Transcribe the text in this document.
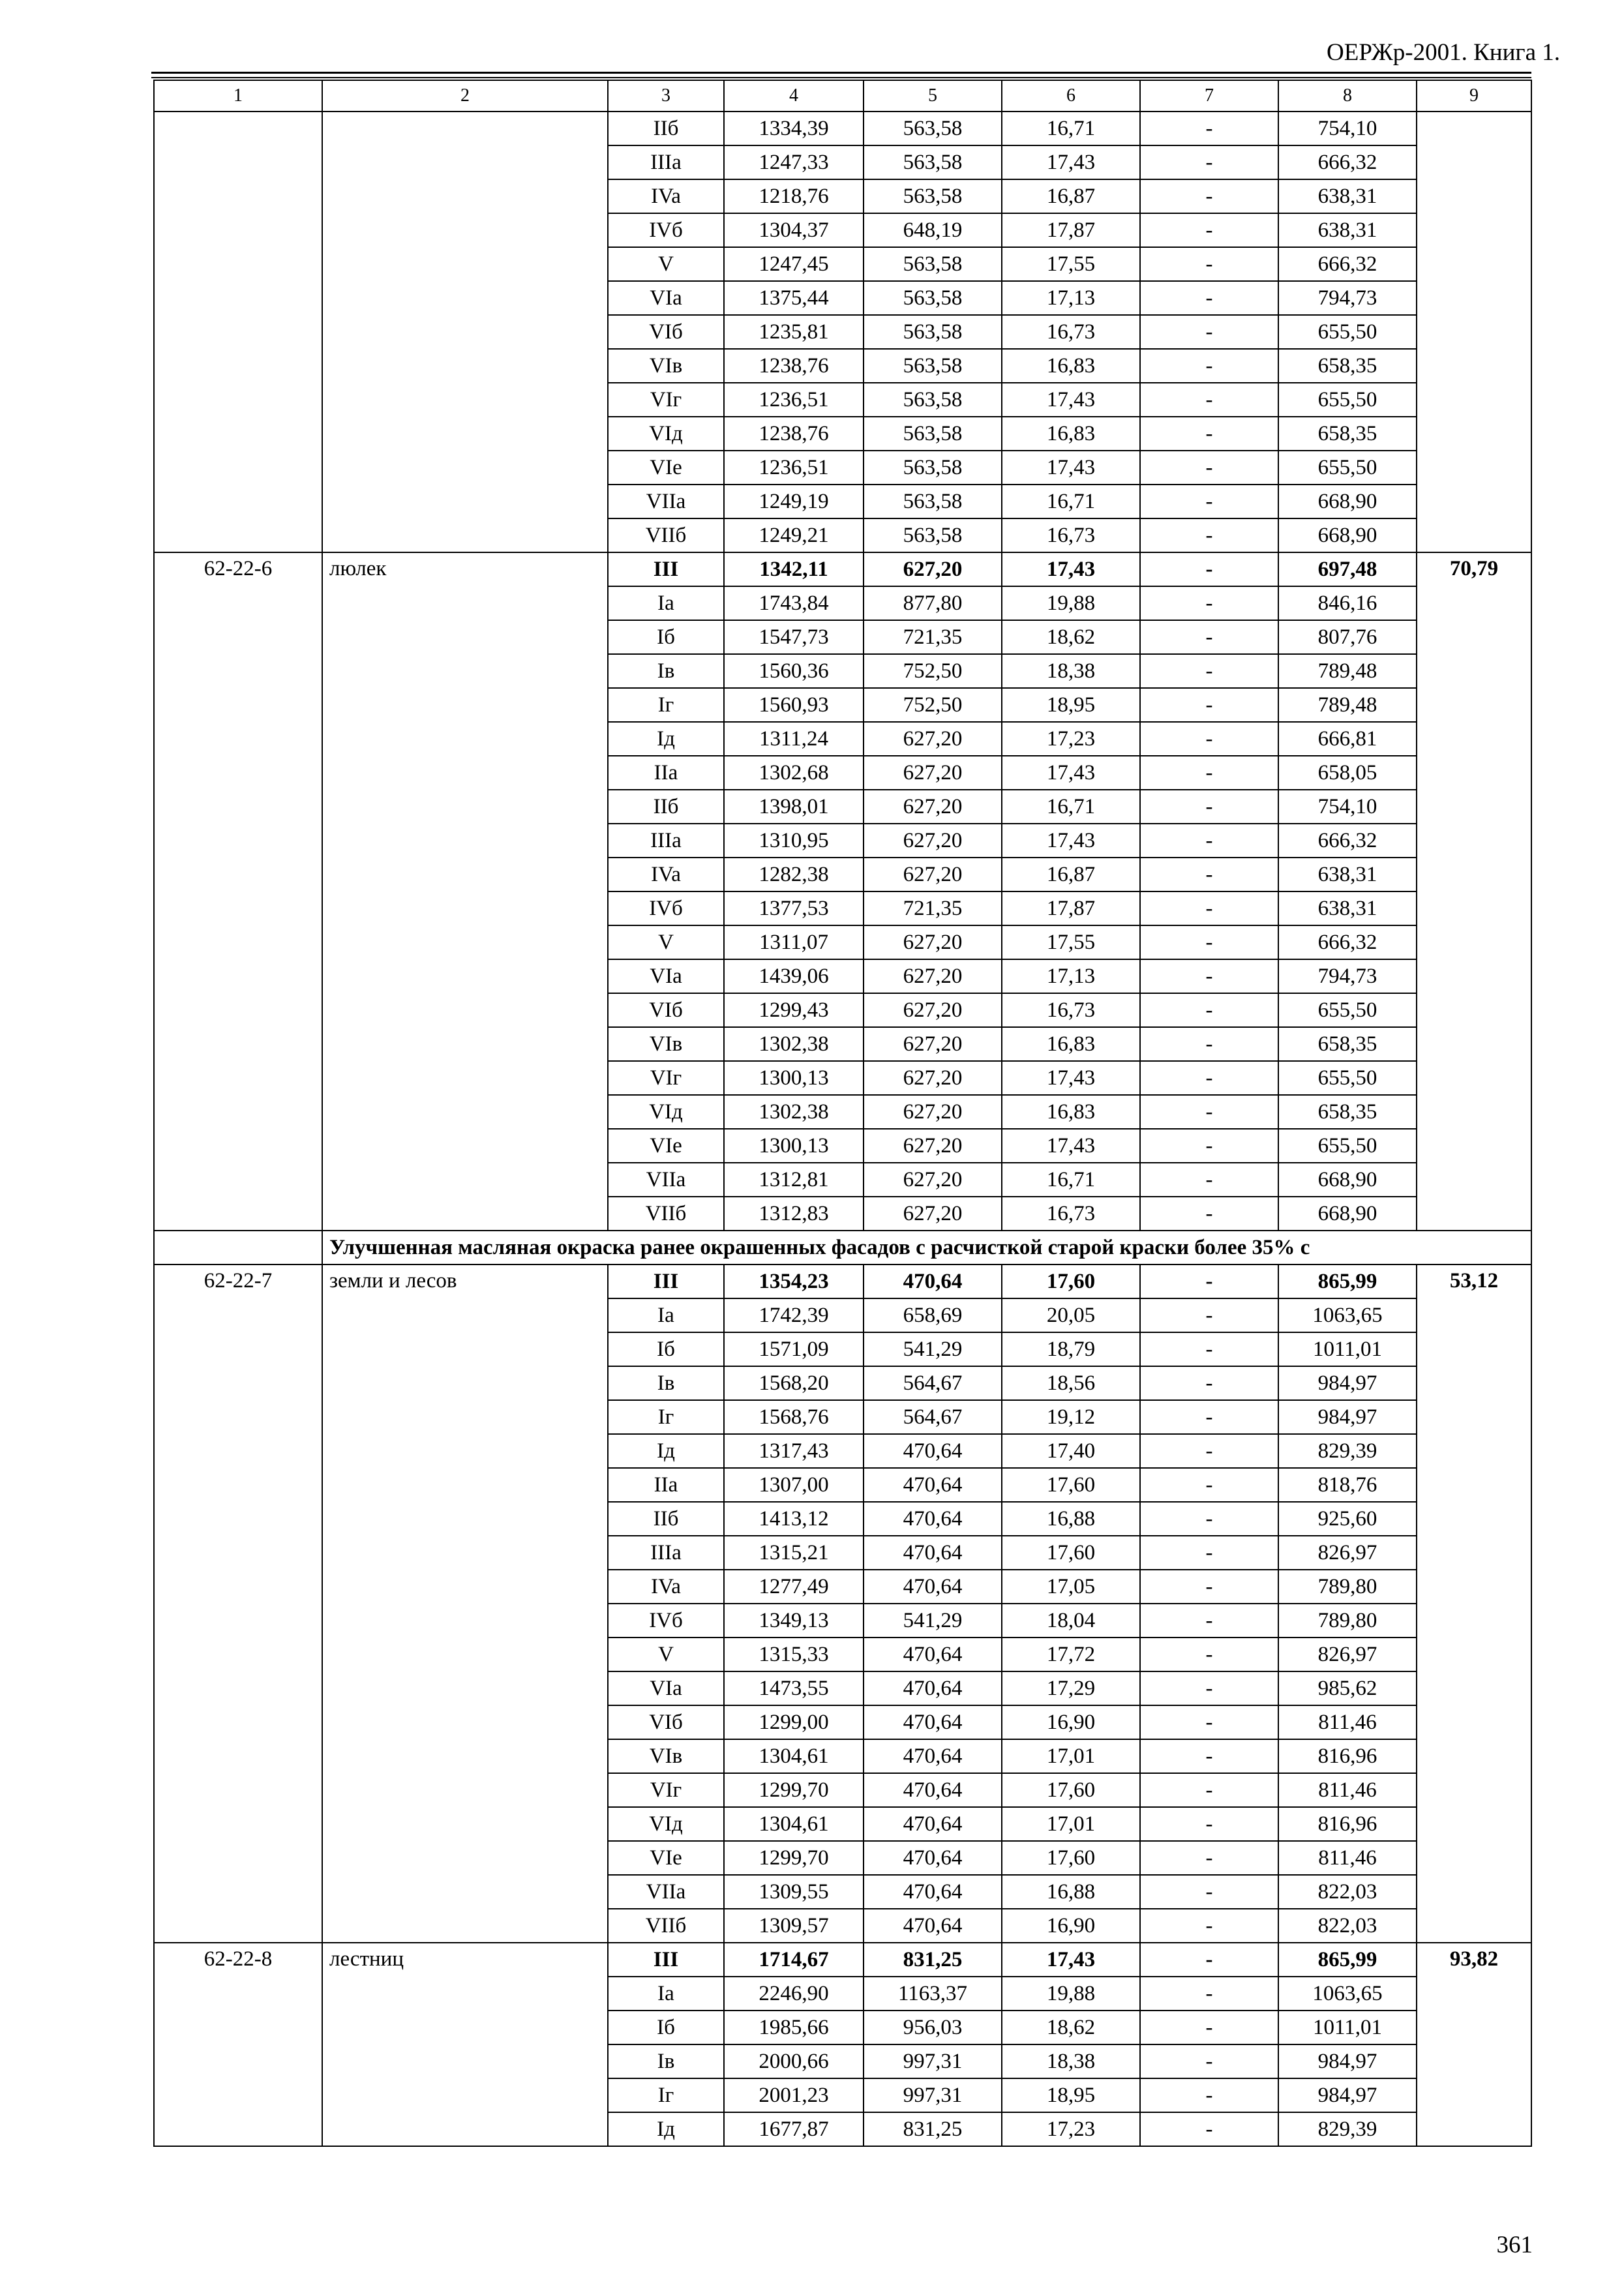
ОЕРЖр-2001. Книга 1.
1	2	3	4	5	6	7	8	9
		IIб	1334,39	563,58	16,71	-	754,10	
		IIIa	1247,33	563,58	17,43	-	666,32	
		IVa	1218,76	563,58	16,87	-	638,31	
		IVб	1304,37	648,19	17,87	-	638,31	
		V	1247,45	563,58	17,55	-	666,32	
		VIa	1375,44	563,58	17,13	-	794,73	
		VIб	1235,81	563,58	16,73	-	655,50	
		VIв	1238,76	563,58	16,83	-	658,35	
		VIг	1236,51	563,58	17,43	-	655,50	
		VIд	1238,76	563,58	16,83	-	658,35	
		VIe	1236,51	563,58	17,43	-	655,50	
		VIIa	1249,19	563,58	16,71	-	668,90	
		VIIб	1249,21	563,58	16,73	-	668,90	
62-22-6	люлек	III	1342,11	627,20	17,43	-	697,48	70,79
		Ia	1743,84	877,80	19,88	-	846,16	
		Iб	1547,73	721,35	18,62	-	807,76	
		Iв	1560,36	752,50	18,38	-	789,48	
		Iг	1560,93	752,50	18,95	-	789,48	
		Iд	1311,24	627,20	17,23	-	666,81	
		IIa	1302,68	627,20	17,43	-	658,05	
		IIб	1398,01	627,20	16,71	-	754,10	
		IIIa	1310,95	627,20	17,43	-	666,32	
		IVa	1282,38	627,20	16,87	-	638,31	
		IVб	1377,53	721,35	17,87	-	638,31	
		V	1311,07	627,20	17,55	-	666,32	
		VIa	1439,06	627,20	17,13	-	794,73	
		VIб	1299,43	627,20	16,73	-	655,50	
		VIв	1302,38	627,20	16,83	-	658,35	
		VIг	1300,13	627,20	17,43	-	655,50	
		VIд	1302,38	627,20	16,83	-	658,35	
		VIe	1300,13	627,20	17,43	-	655,50	
		VIIa	1312,81	627,20	16,71	-	668,90	
		VIIб	1312,83	627,20	16,73	-	668,90	
	Улучшенная масляная окраска ранее окрашенных фасадов с расчисткой старой краски более 35% с							
62-22-7	земли и лесов	III	1354,23	470,64	17,60	-	865,99	53,12
		Ia	1742,39	658,69	20,05	-	1063,65	
		Iб	1571,09	541,29	18,79	-	1011,01	
		Iв	1568,20	564,67	18,56	-	984,97	
		Iг	1568,76	564,67	19,12	-	984,97	
		Iд	1317,43	470,64	17,40	-	829,39	
		IIa	1307,00	470,64	17,60	-	818,76	
		IIб	1413,12	470,64	16,88	-	925,60	
		IIIa	1315,21	470,64	17,60	-	826,97	
		IVa	1277,49	470,64	17,05	-	789,80	
		IVб	1349,13	541,29	18,04	-	789,80	
		V	1315,33	470,64	17,72	-	826,97	
		VIa	1473,55	470,64	17,29	-	985,62	
		VIб	1299,00	470,64	16,90	-	811,46	
		VIв	1304,61	470,64	17,01	-	816,96	
		VIг	1299,70	470,64	17,60	-	811,46	
		VIд	1304,61	470,64	17,01	-	816,96	
		VIe	1299,70	470,64	17,60	-	811,46	
		VIIa	1309,55	470,64	16,88	-	822,03	
		VIIб	1309,57	470,64	16,90	-	822,03	
62-22-8	лестниц	III	1714,67	831,25	17,43	-	865,99	93,82
		Ia	2246,90	1163,37	19,88	-	1063,65	
		Iб	1985,66	956,03	18,62	-	1011,01	
		Iв	2000,66	997,31	18,38	-	984,97	
		Iг	2001,23	997,31	18,95	-	984,97	
		Iд	1677,87	831,25	17,23	-	829,39	
361
